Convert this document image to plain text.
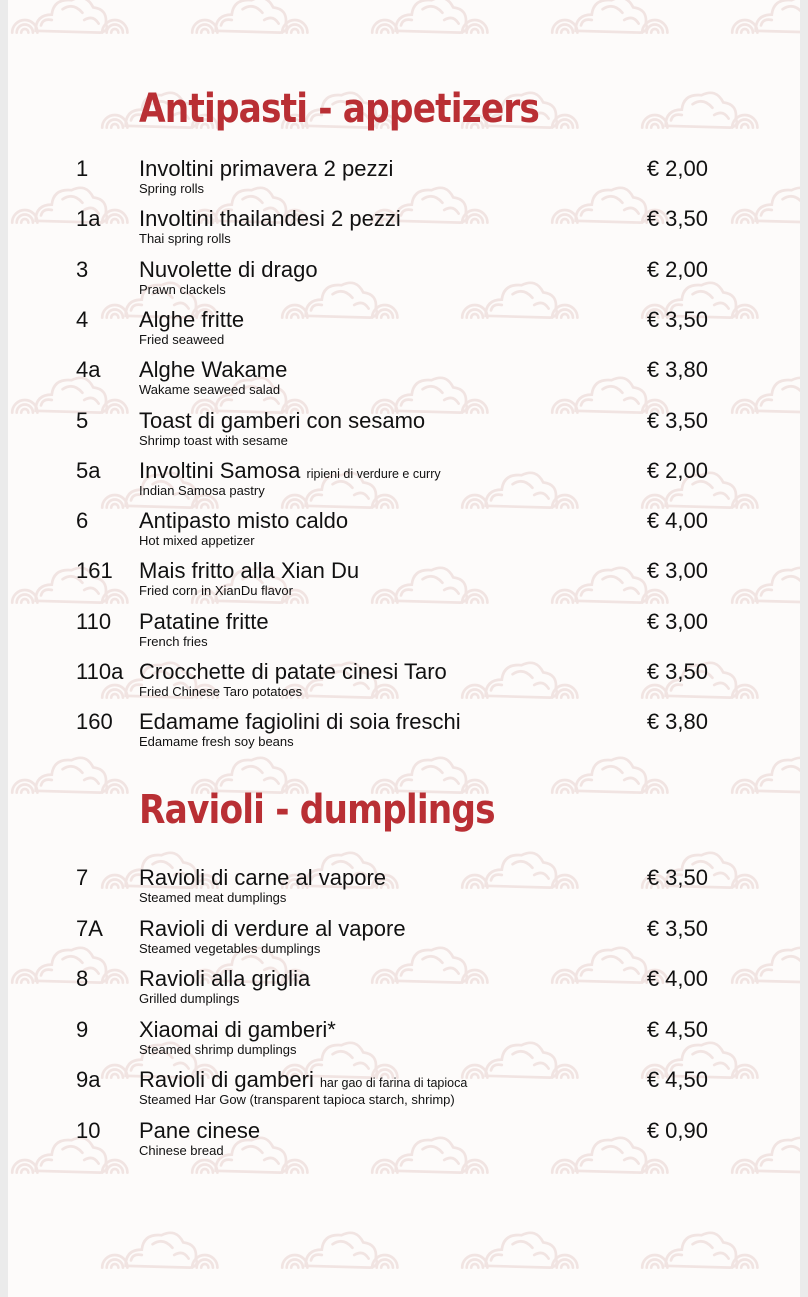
Antipasti - appetizers
1 Involtini primavera 2 pezzi
Spring rolls
€ 2,00
1a Involtini thailandesi 2 pezzi
Thai spring rolls
€ 3,50
3 Nuvolette di drago
Prawn clackels
€ 2,00
4 Alghe fritte
Fried seaweed
€ 3,50
4a Alghe Wakame
Wakame seaweed salad
€ 3,80
5 Toast di gamberi con sesamo
Shrimp toast with sesame
€ 3,50
5a Involtini Samosa ripieni di verdure e curry
Indian Samosa pastry
€ 2,00
6 Antipasto misto caldo
Hot mixed appetizer
€ 4,00
161 Mais fritto alla Xian Du
Fried corn in XianDu flavor
€ 3,00
110 Patatine fritte
French fries
€ 3,00
110a Crocchette di patate cinesi Taro
Fried Chinese Taro potatoes
€ 3,50
160 Edamame fagiolini di soia freschi
Edamame fresh soy beans
€ 3,80
Ravioli - dumplings
7 Ravioli di carne al vapore
Steamed meat dumplings
€ 3,50
7A Ravioli di verdure al vapore
Steamed vegetables dumplings
€ 3,50
8 Ravioli alla griglia
Grilled dumplings
€ 4,00
9 Xiaomai di gamberi*
Steamed shrimp dumplings
€ 4,50
9a Ravioli di gamberi har gao di farina di tapioca
Steamed Har Gow (transparent tapioca starch, shrimp)
€ 4,50
10 Pane cinese
Chinese bread
€ 0,90
